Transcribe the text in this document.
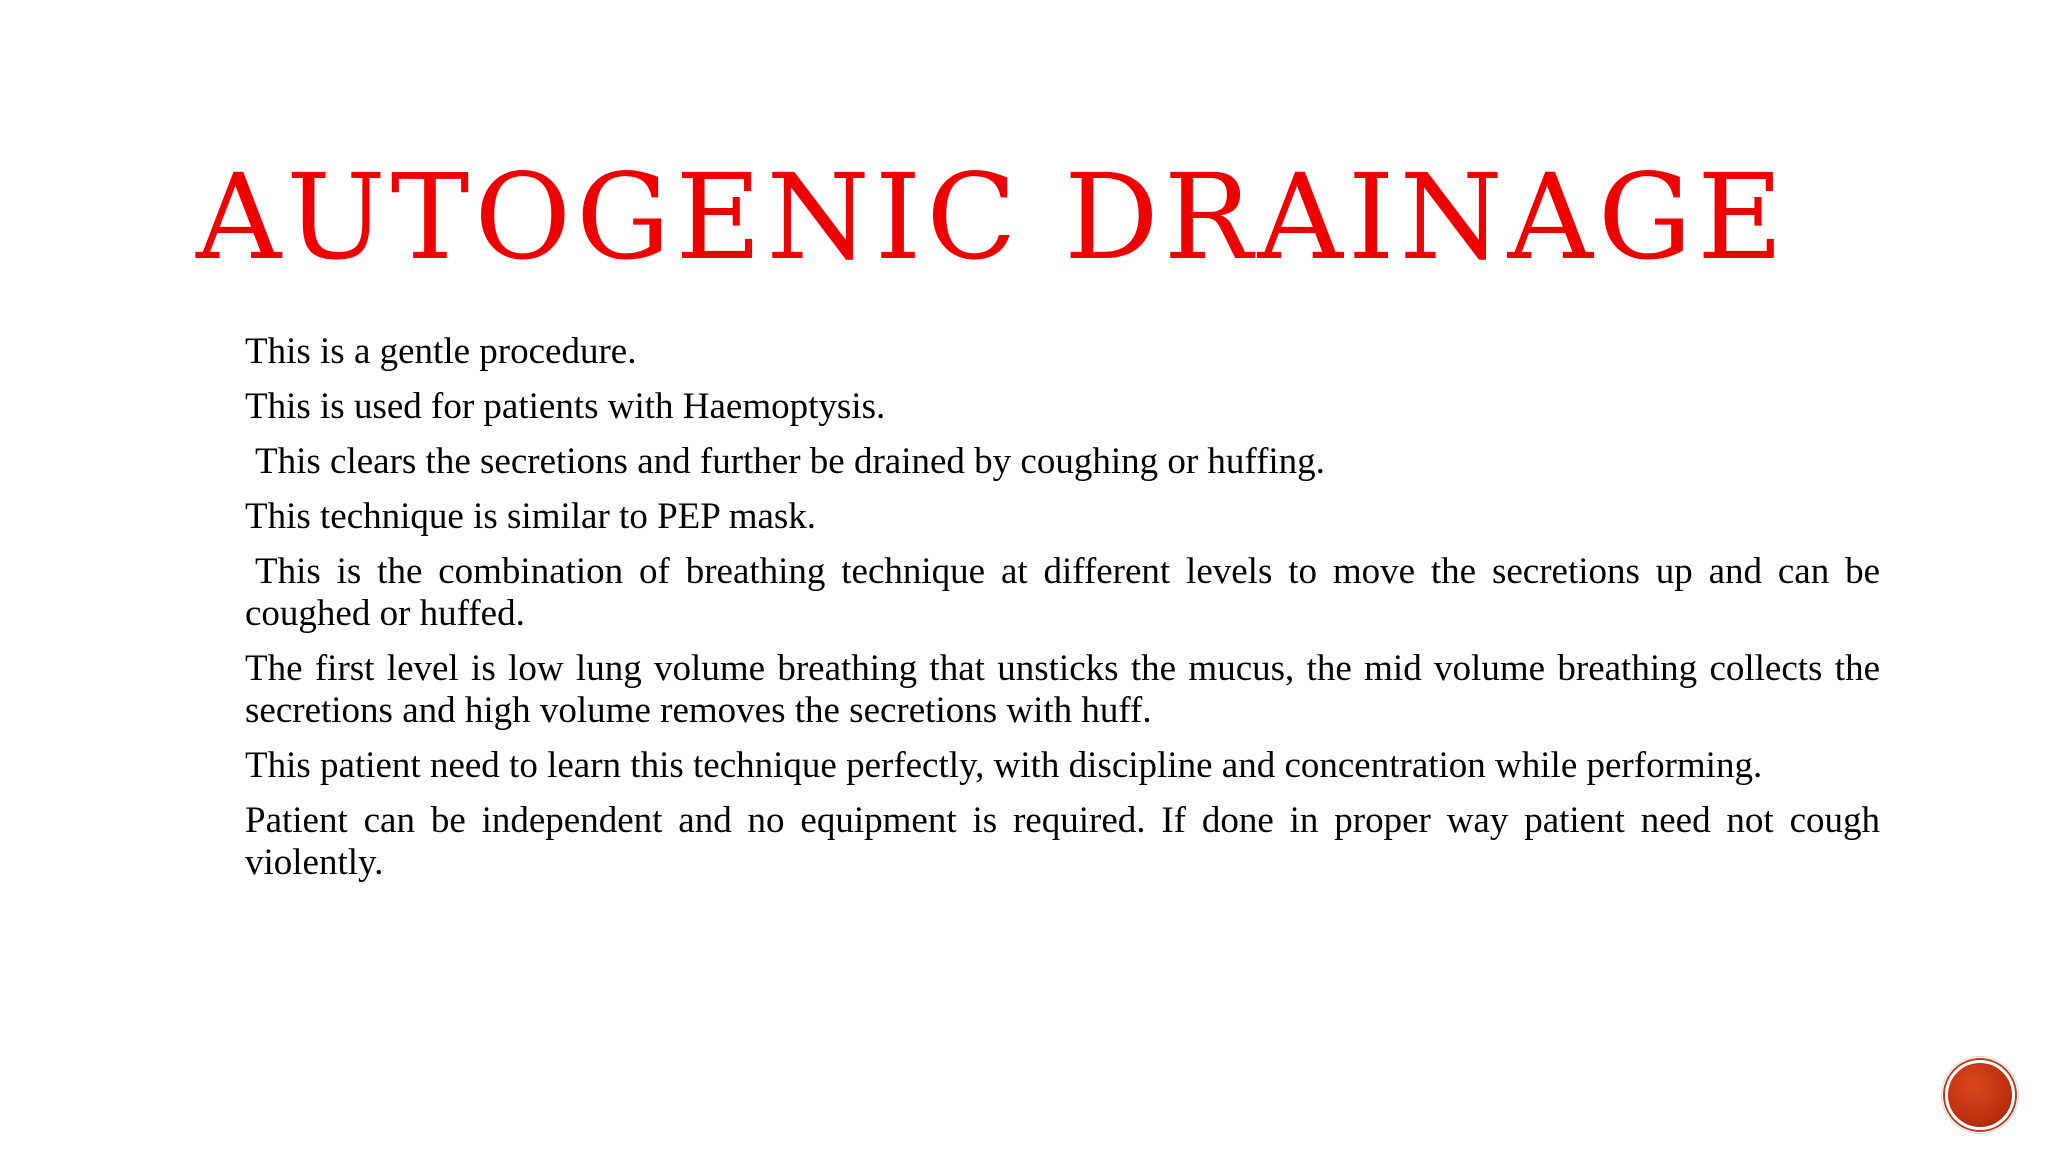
AUTOGENIC DRAINAGE
This is a gentle procedure.
This is used for patients with Haemoptysis.
This clears the secretions and further be drained by coughing or huffing.
This technique is similar to PEP mask.
This is the combination of breathing technique at different levels to move the secretions up and can be coughed or huffed.
The first level is low lung volume breathing that unsticks the mucus, the mid volume breathing collects the secretions and high volume removes the secretions with huff.
This patient need to learn this technique perfectly, with discipline and concentration while performing.
Patient can be independent and no equipment is required. If done in proper way patient need not cough violently.
